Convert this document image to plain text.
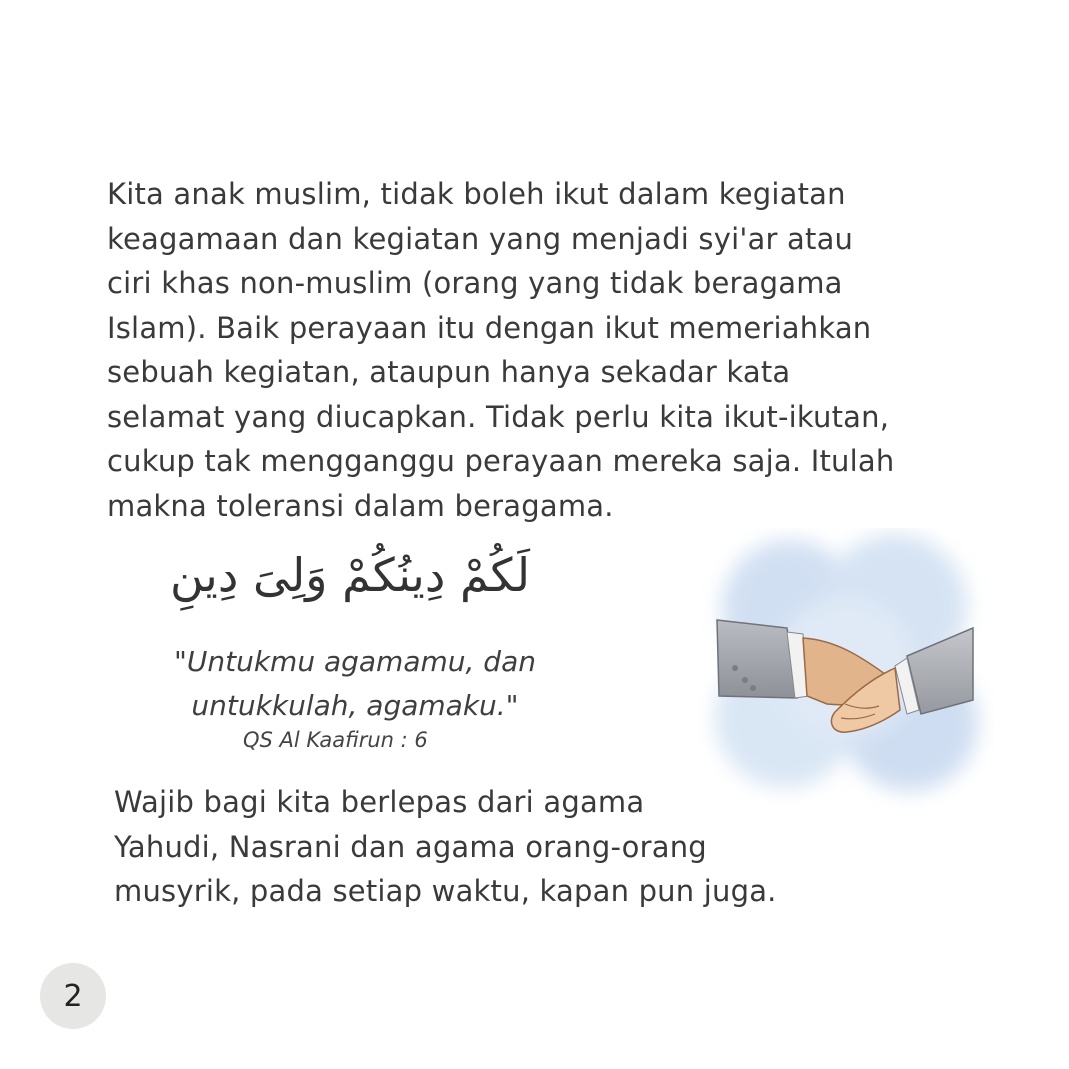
Kita anak muslim, tidak boleh ikut dalam kegiatan
keagamaan dan kegiatan yang menjadi syi'ar atau
ciri khas non-muslim (orang yang tidak beragama
Islam). Baik perayaan itu dengan ikut memeriahkan
sebuah kegiatan, ataupun hanya sekadar kata
selamat yang diucapkan. Tidak perlu kita ikut-ikutan,
cukup tak mengganggu perayaan mereka saja. Itulah
makna toleransi dalam beragama.

لَكُمْ دِينُكُمْ وَلِىَ دِينِ
"Untukmu agamamu, dan
untukkulah, agamaku."
QS Al Kaafirun : 6

Wajib bagi kita berlepas dari agama
Yahudi, Nasrani dan agama orang-orang
musyrik, pada setiap waktu, kapan pun juga.

2
